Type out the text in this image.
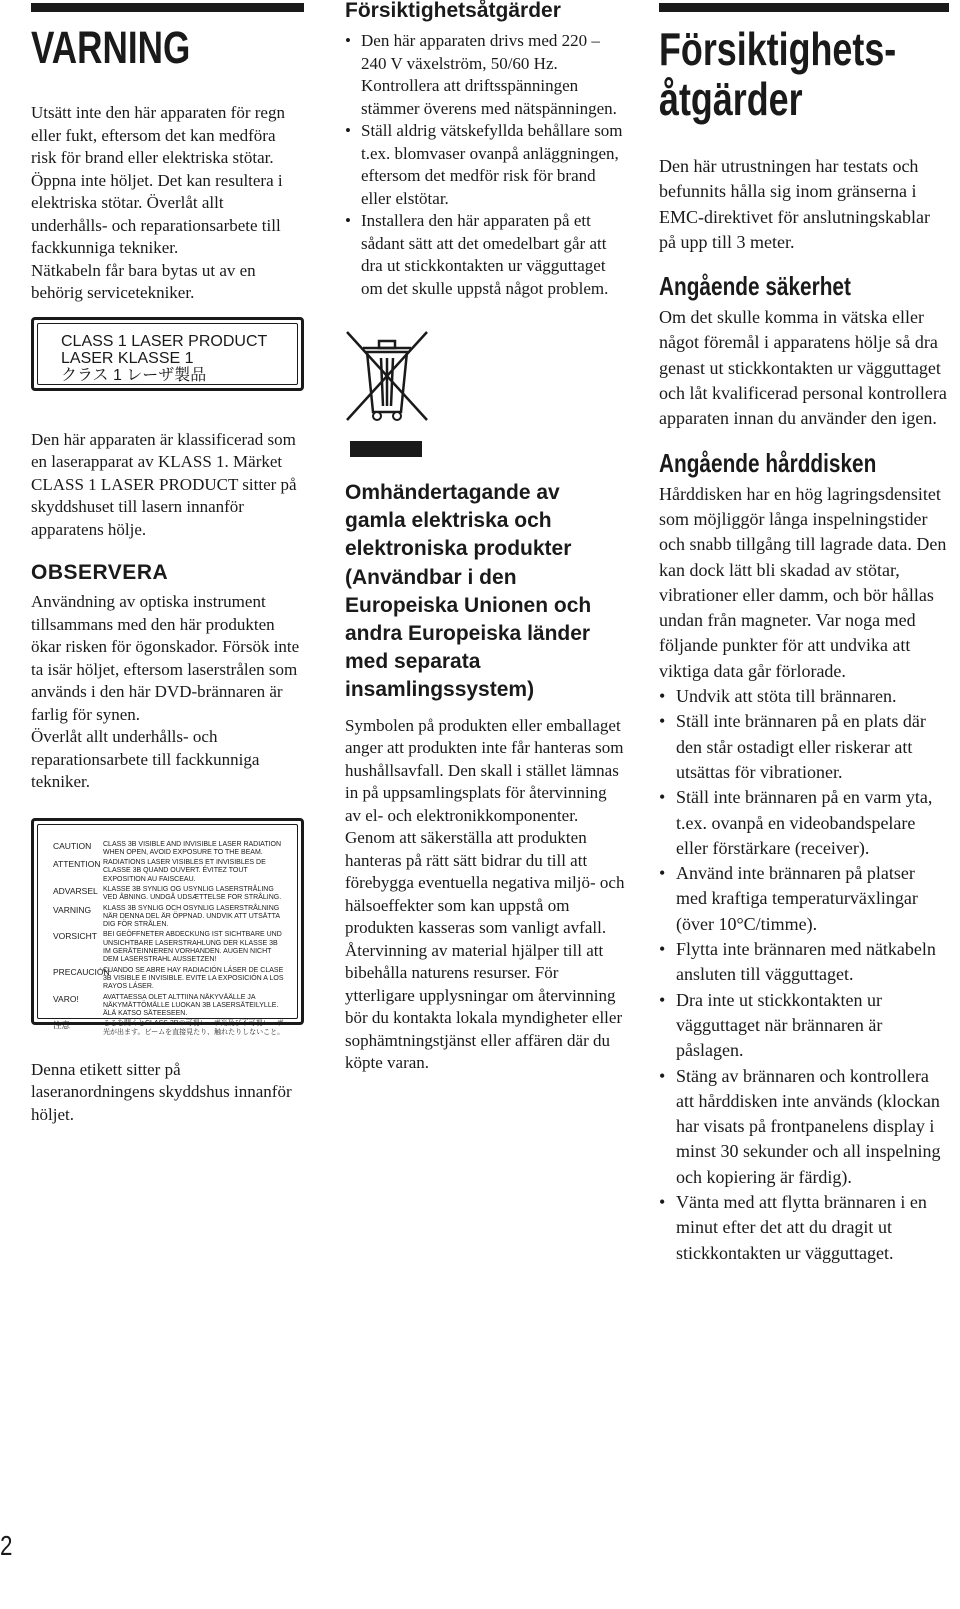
VARNING

Utsätt inte den här apparaten för regn eller fukt, eftersom det kan medföra risk för brand eller elektriska stötar.

Öppna inte höljet. Det kan resultera i elektriska stötar. Överlåt allt underhålls- och reparationsarbete till fackkunniga tekniker.

Nätkabeln får bara bytas ut av en behörig servicetekniker.

CLASS 1 LASER PRODUCT
LASER KLASSE 1
クラス 1 レーザ製品

Den här apparaten är klassificerad som en laserapparat av KLASS 1. Märket CLASS 1 LASER PRODUCT sitter på skyddshuset till lasern innanför apparatens hölje.

OBSERVERA

Användning av optiska instrument tillsammans med den här produkten ökar risken för ögonskador. Försök inte ta isär höljet, eftersom laserstrålen som används i den här DVD-brännaren är farlig för synen.

Överlåt allt underhålls- och reparationsarbete till fackkunniga tekniker.

CAUTION	CLASS 3B VISIBLE AND INVISIBLE LASER RADIATION WHEN OPEN, AVOID EXPOSURE TO THE BEAM.
ATTENTION RADIATIONS LASER VISIBLES ET INVISIBLES DE CLASSE 3B QUAND OUVERT. ÉVITEZ TOUT EXPOSITION AU FAISCEAU.
ADVARSEL KLASSE 3B SYNLIG OG USYNLIG LASERSTRÅLING VED ÅBNING. UNDGÅ UDSÆTTELSE FOR STRÅLING.
VARNING	KLASS 3B SYNLIG OCH OSYNLIG LASERSTRÅLNING NÄR DENNA DEL ÄR ÖPPNAD. UNDVIK ATT UTSÄTTA DIG FÖR STRÅLEN.
VORSICHT BEI GEÖFFNETER ABDECKUNG IST SICHTBARE UND UNSICHTBARE LASERSTRAHLUNG DER KLASSE 3B IM GERÄTEINNEREN VORHANDEN. AUGEN NICHT DEM LASERSTRAHL AUSSETZEN!
PRECAUCIÓN
CUANDO SE ABRE HAY RADIACIÓN LÁSER DE CLASE 3B VISIBLE E INVISIBLE. EVITE LA EXPOSICIÓN A LOS RAYOS LÁSER.
VARO!	AVATTAESSA OLET ALTTIINA NÄKYVÄÄLLE JA NÄKYMÄTTÖMÄLLE LUOKAN 3B LASERSÄTEILYLLE. ÄLÄ KATSO SÄTEESEEN.
注意	ここを開くとCLASS 3Bの可視レーザ光及び不可視レーザ光が出ます。ビームを直接見たり、触れたりしないこと。

Denna etikett sitter på laseranordningens skyddshus innanför höljet.

Försiktighetsåtgärder
• Den här apparaten drivs med 220 – 240 V växelström, 50/60 Hz. Kontrollera att driftsspänningen stämmer överens med nätspänningen.
• Ställ aldrig vätskefyllda behållare som t.ex. blomvaser ovanpå anläggningen, eftersom det medför risk för brand eller elstötar.
• Installera den här apparaten på ett sådant sätt att det omedelbart går att dra ut stickkontakten ur vägguttaget om det skulle uppstå något problem.
Omhändertagande av gamla elektriska och elektroniska produkter (Användbar i den Europeiska Unionen och andra Europeiska länder med separata insamlingssystem)

Symbolen på produkten eller emballaget anger att produkten inte får hanteras som hushållsavfall. Den skall i stället lämnas in på uppsamlingsplats för återvinning av el- och elektronikkomponenter. Genom att säkerställa att produkten hanteras på rätt sätt bidrar du till att förebygga eventuella negativa miljö- och hälsoeffekter som kan uppstå om produkten kasseras som vanligt avfall. Återvinning av material hjälper till att bibehålla naturens resurser. För ytterligare upplysningar om återvinning bör du kontakta lokala myndigheter eller sophämtningstjänst eller affären där du köpte varan.

Försiktighets-
åtgärder

Den här utrustningen har testats och befunnits hålla sig inom gränserna i EMC-direktivet för anslutningskablar på upp till 3 meter.

Angående säkerhet

Om det skulle komma in vätska eller något föremål i apparatens hölje så dra genast ut stickkontakten ur vägguttaget och låt kvalificerad personal kontrollera apparaten innan du använder den igen.

Angående hårddisken

Hårddisken har en hög lagringsdensitet som möjliggör långa inspelningstider och snabb tillgång till lagrade data. Den kan dock lätt bli skadad av stötar, vibrationer eller damm, och bör hållas undan från magneter. Var noga med följande punkter för att undvika att viktiga data går förlorade.

• Undvik att stöta till brännaren.
• Ställ inte brännaren på en plats där den står ostadigt eller riskerar att utsättas för vibrationer.
• Ställ inte brännaren på en varm yta, t.ex. ovanpå en videobandspelare eller förstärkare (receiver).
• Använd inte brännaren på platser med kraftiga temperaturväxlingar (över 10°C/timme).
• Flytta inte brännaren med nätkabeln ansluten till vägguttaget.
• Dra inte ut stickkontakten ur vägguttaget när brännaren är påslagen.
• Stäng av brännaren och kontrollera att hårddisken inte används (klockan har visats på frontpanelens display i minst 30 sekunder och all inspelning och kopiering är färdig).
• Vänta med att flytta brännaren i en minut efter det att du dragit ut stickkontakten ur vägguttaget.
2
